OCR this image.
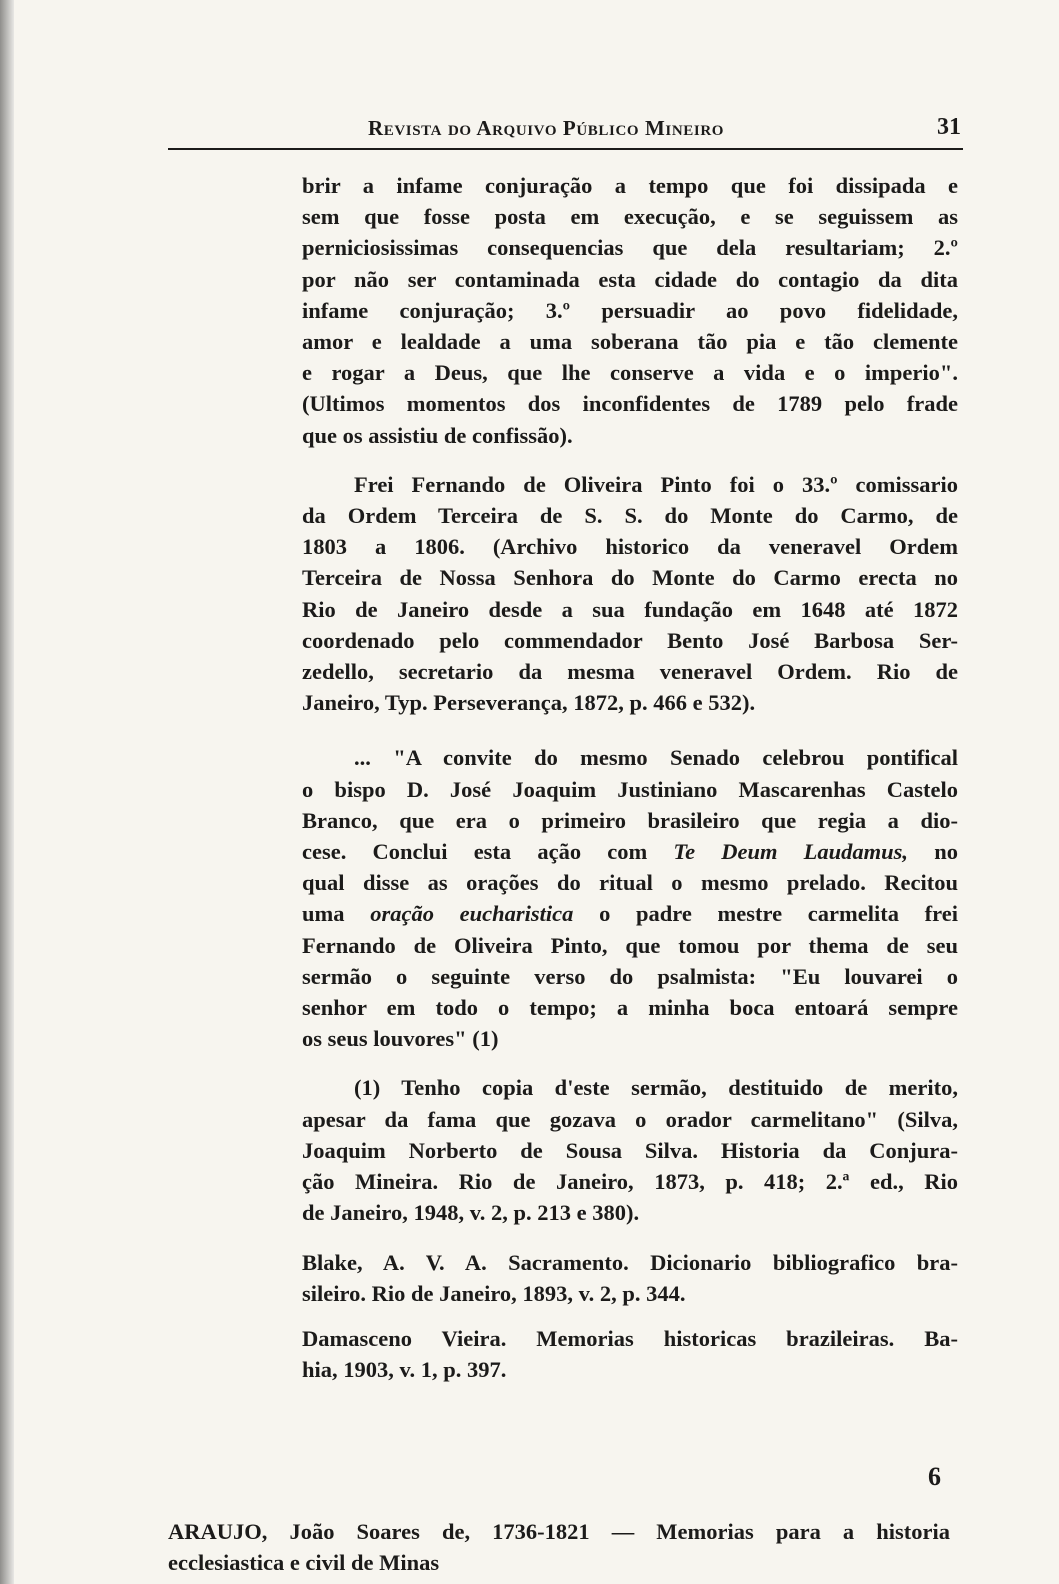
Revista do Arquivo Público Mineiro	31

brir a infame conjuração a tempo que foi dissipada e
sem que fosse posta em execução, e se seguissem as
perniciosissimas consequencias que dela resultariam; 2.º
por não ser contaminada esta cidade do contagio da dita
infame conjuração; 3.º persuadir ao povo fidelidade,
amor e lealdade a uma soberana tão pia e tão clemente
e rogar a Deus, que lhe conserve a vida e o imperio".
(Ultimos momentos dos inconfidentes de 1789 pelo frade
que os assistiu de confissão).

Frei Fernando de Oliveira Pinto foi o 33.º comissario
da Ordem Terceira de S. S. do Monte do Carmo, de
1803 a 1806. (Archivo historico da veneravel Ordem
Terceira de Nossa Senhora do Monte do Carmo erecta no
Rio de Janeiro desde a sua fundação em 1648 até 1872
coordenado pelo commendador Bento José Barbosa Ser-
zedello, secretario da mesma veneravel Ordem. Rio de
Janeiro, Typ. Perseverança, 1872, p. 466 e 532).

... "A convite do mesmo Senado celebrou pontifical
o bispo D. José Joaquim Justiniano Mascarenhas Castelo
Branco, que era o primeiro brasileiro que regia a dio-
cese. Conclui esta ação com Te Deum Laudamus, no
qual disse as orações do ritual o mesmo prelado. Recitou
uma oração eucharistica o padre mestre carmelita frei
Fernando de Oliveira Pinto, que tomou por thema de seu
sermão o seguinte verso do psalmista: "Eu louvarei o
senhor em todo o tempo; a minha boca entoará sempre
os seus louvores" (1)

(1) Tenho copia d'este sermão, destituido de merito,
apesar da fama que gozava o orador carmelitano" (Silva,
Joaquim Norberto de Sousa Silva. Historia da Conjura-
ção Mineira. Rio de Janeiro, 1873, p. 418; 2.ª ed., Rio
de Janeiro, 1948, v. 2, p. 213 e 380).

Blake, A. V. A. Sacramento. Dicionario bibliografico bra-
sileiro. Rio de Janeiro, 1893, v. 2, p. 344.

Damasceno Vieira. Memorias historicas brazileiras. Ba-
hia, 1903, v. 1, p. 397.

6
ARAUJO, João Soares de, 1736-1821 — Memorias para a historia
ecclesiastica e civil de Minas
